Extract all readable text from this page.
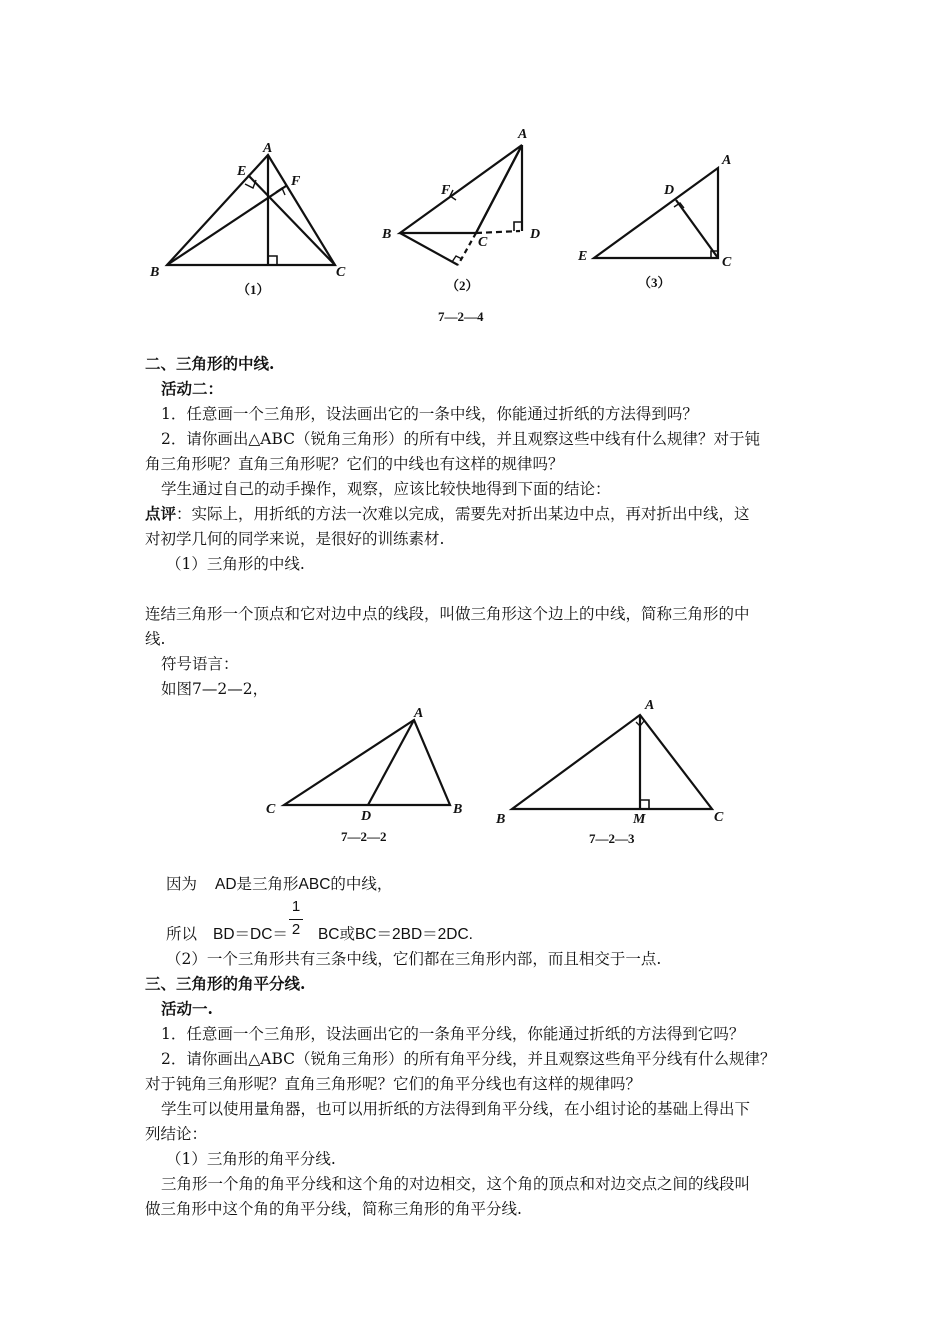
A
B	C
E
F
（1）
A
B
C
D
F
（2）
A
C
D
E
（3）
7—2—4
二、三角形的中线.
活动二：
1．任意画一个三角形，设法画出它的一条中线，你能通过折纸的方法得到吗？
2．请你画出△ABC（锐角三角形）的所有中线，并且观察这些中线有什么规律？对于钝
角三角形呢？直角三角形呢？它们的中线也有这样的规律吗？
学生通过自己的动手操作，观察，应该比较快地得到下面的结论：
点评：实际上，用折纸的方法一次难以完成，需要先对折出某边中点，再对折出中线，这
对初学几何的同学来说，是很好的训练素材.
（1）三角形的中线.
连结三角形一个顶点和它对边中点的线段，叫做三角形这个边上的中线，简称三角形的中
线.
符号语言：
如图7—2—2，
A
C	B
D
7—2—2
A
B	C
M
7—2—3
因为 AD是三角形ABC的中线，
所以 BD＝DC＝ BC或BC＝2BD＝2DC.
1
2
（2）一个三角形共有三条中线，它们都在三角形内部，而且相交于一点.
三、三角形的角平分线.
活动一.
1．任意画一个三角形，设法画出它的一条角平分线，你能通过折纸的方法得到它吗？
2．请你画出△ABC（锐角三角形）的所有角平分线，并且观察这些角平分线有什么规律？
对于钝角三角形呢？直角三角形呢？它们的角平分线也有这样的规律吗？
学生可以使用量角器，也可以用折纸的方法得到角平分线，在小组讨论的基础上得出下
列结论：
（1）三角形的角平分线.
三角形一个角的角平分线和这个角的对边相交，这个角的顶点和对边交点之间的线段叫
做三角形中这个角的角平分线，简称三角形的角平分线.
